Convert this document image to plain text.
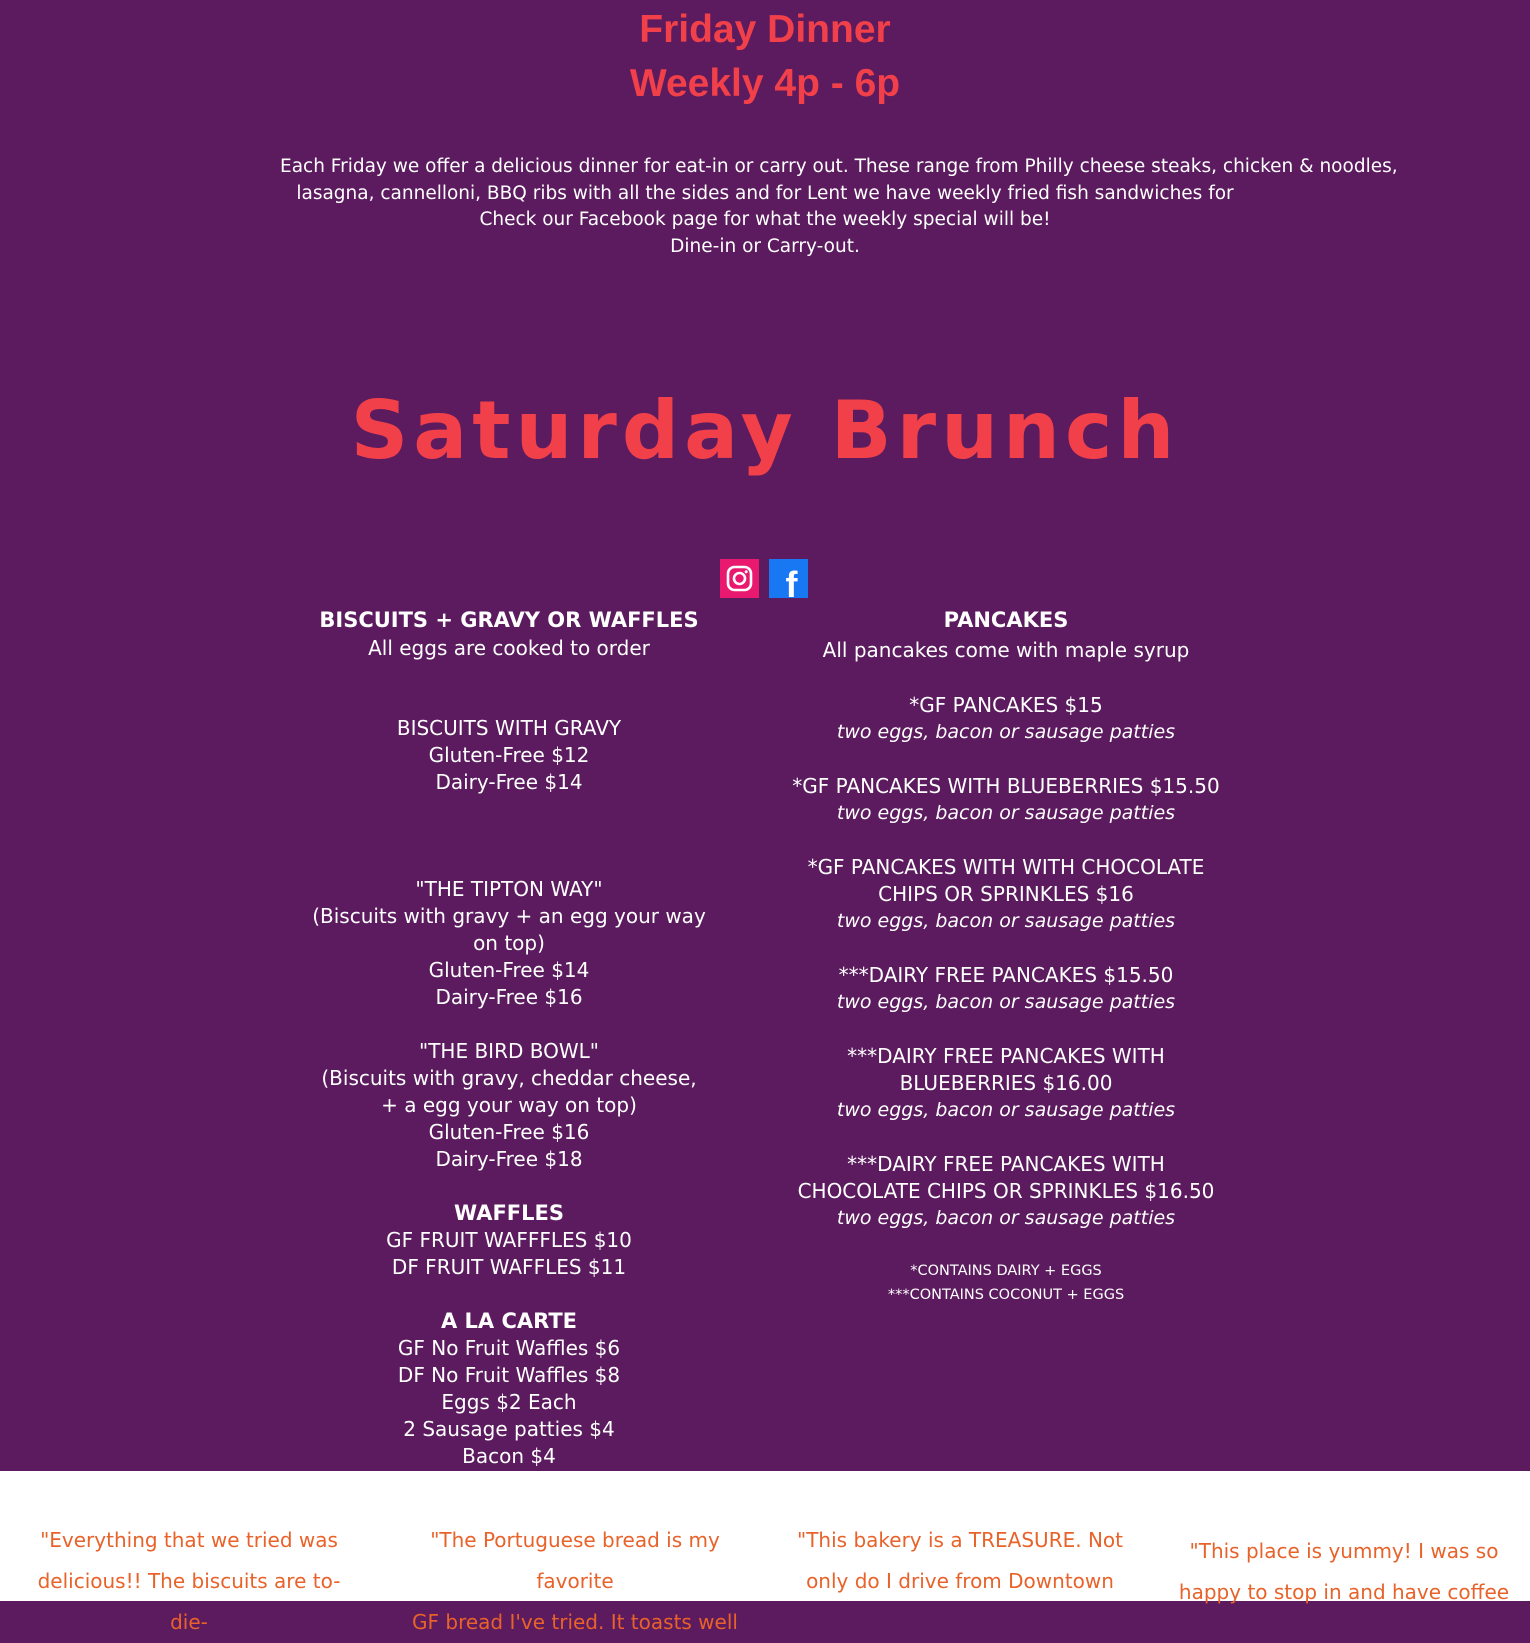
Friday Dinner
Weekly 4p - 6p
Each Friday we offer a delicious dinner for eat-in or carry out. These range from Philly cheese steaks, chicken & noodles,
lasagna, cannelloni, BBQ ribs with all the sides and for Lent we have weekly fried fish sandwiches for
Check our Facebook page for what the weekly special will be!
Dine-in or Carry-out.
Saturday Brunch
f
BISCUITS + GRAVY OR WAFFLES
All eggs are cooked to order
BISCUITS WITH GRAVY
Gluten-Free $12
Dairy-Free $14
"THE TIPTON WAY"
(Biscuits with gravy + an egg your way on top)
Gluten-Free $14
Dairy-Free $16
"THE BIRD BOWL"
(Biscuits with gravy, cheddar cheese, + a egg your way on top)
Gluten-Free $16
Dairy-Free $18
WAFFLES
GF FRUIT WAFFFLES $10
DF FRUIT WAFFLES $11
A LA CARTE
GF No Fruit Waffles $6
DF No Fruit Waffles $8
Eggs $2 Each
2 Sausage patties $4
Bacon $4
PANCAKES
All pancakes come with maple syrup
*GF PANCAKES $15
two eggs, bacon or sausage patties
*GF PANCAKES WITH BLUEBERRIES $15.50
two eggs, bacon or sausage patties
*GF PANCAKES WITH WITH CHOCOLATE
CHIPS OR SPRINKLES $16
two eggs, bacon or sausage patties
***DAIRY FREE PANCAKES $15.50
two eggs, bacon or sausage patties
***DAIRY FREE PANCAKES WITH
BLUEBERRIES $16.00
two eggs, bacon or sausage patties
***DAIRY FREE PANCAKES WITH
CHOCOLATE CHIPS OR SPRINKLES $16.50
two eggs, bacon or sausage patties
*CONTAINS DAIRY + EGGS
***CONTAINS COCONUT + EGGS
"Everything that we tried was
delicious!! The biscuits are to-die-
"The Portuguese bread is my favorite
GF bread I've tried. It toasts well
"This bakery is a TREASURE. Not
only do I drive from Downtown
"This place is yummy! I was so
happy to stop in and have coffee
